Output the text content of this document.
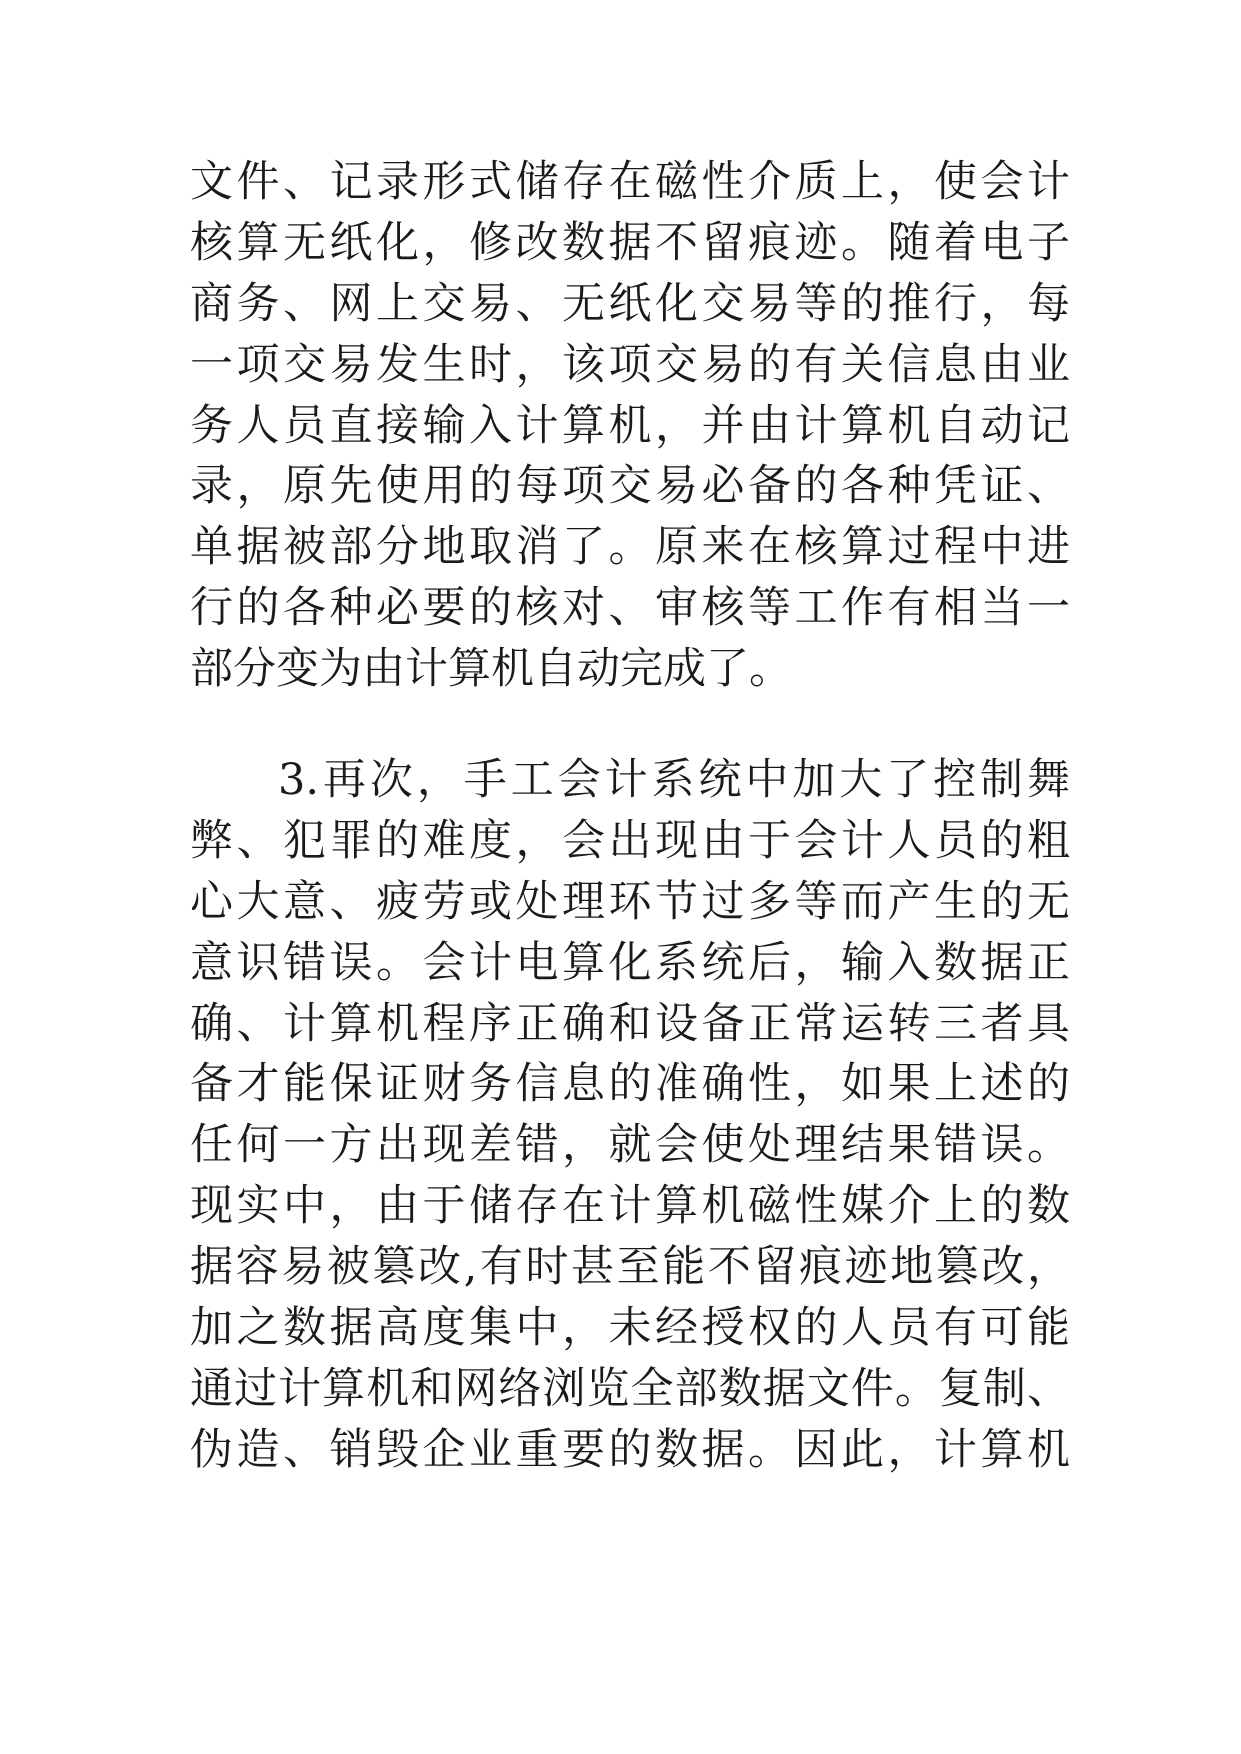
文件、记录形式储存在磁性介质上，使会计
核算无纸化，修改数据不留痕迹。随着电子
商务、网上交易、无纸化交易等的推行，每
一项交易发生时，该项交易的有关信息由业
务人员直接输入计算机，并由计算机自动记
录，原先使用的每项交易必备的各种凭证、
单据被部分地取消了。原来在核算过程中进
行的各种必要的核对、审核等工作有相当一
部分变为由计算机自动完成了。
3.再次，手工会计系统中加大了控制舞
弊、犯罪的难度，会出现由于会计人员的粗
心大意、疲劳或处理环节过多等而产生的无
意识错误。会计电算化系统后，输入数据正
确、计算机程序正确和设备正常运转三者具
备才能保证财务信息的准确性，如果上述的
任何一方出现差错，就会使处理结果错误。
现实中，由于储存在计算机磁性媒介上的数
据容易被篡改,有时甚至能不留痕迹地篡改，
加之数据高度集中，未经授权的人员有可能
通过计算机和网络浏览全部数据文件。复制、
伪造、销毁企业重要的数据。因此，计算机
